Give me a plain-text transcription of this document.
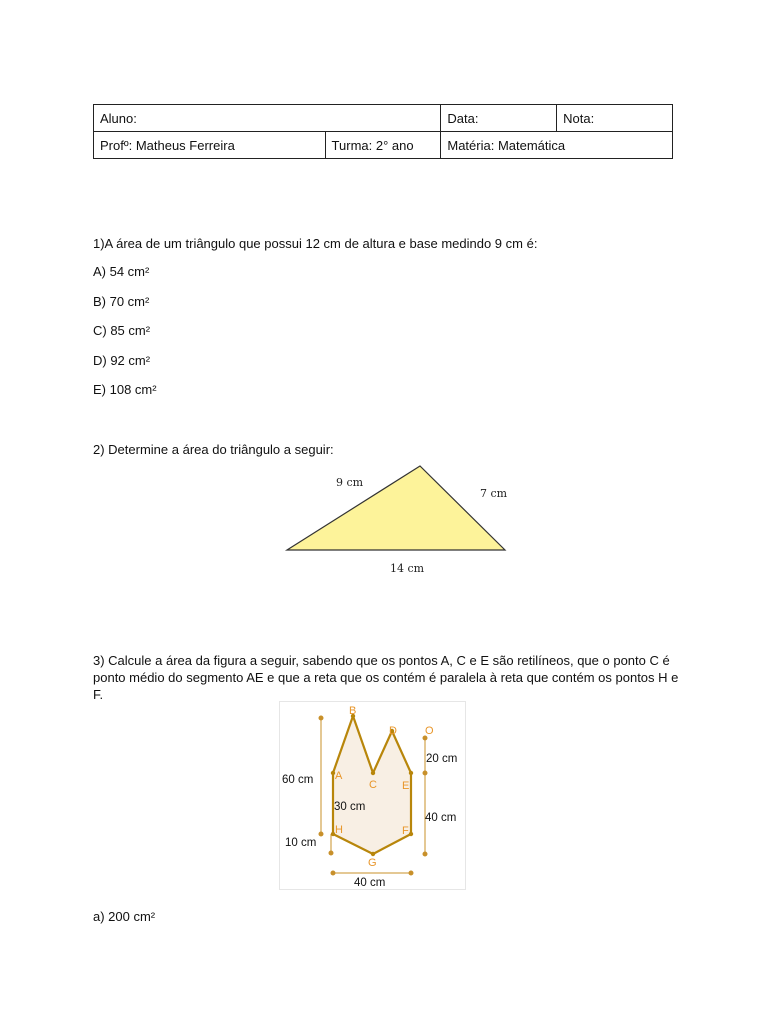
Aluno:		Data:	Nota:
Profº: Matheus Ferreira	Turma: 2° ano	Matéria: Matemática	
1)A área de um triângulo que possui 12 cm de altura e base medindo 9 cm é:
A) 54 cm²
B) 70 cm²
C) 85 cm²
D) 92 cm²
E) 108 cm²
2) Determine a área do triângulo a seguir:
9 cm
7 cm
14 cm
3) Calcule a área da figura a seguir, sabendo que os pontos A, C e E são retilíneos, que o ponto C é ponto médio do segmento AE e que a reta que os contém é paralela à reta que contém os pontos H e F.
B
D	O
A
C E
H	F
G
60 cm
10 cm
30 cm
20 cm
40 cm
40 cm
a) 200 cm²
